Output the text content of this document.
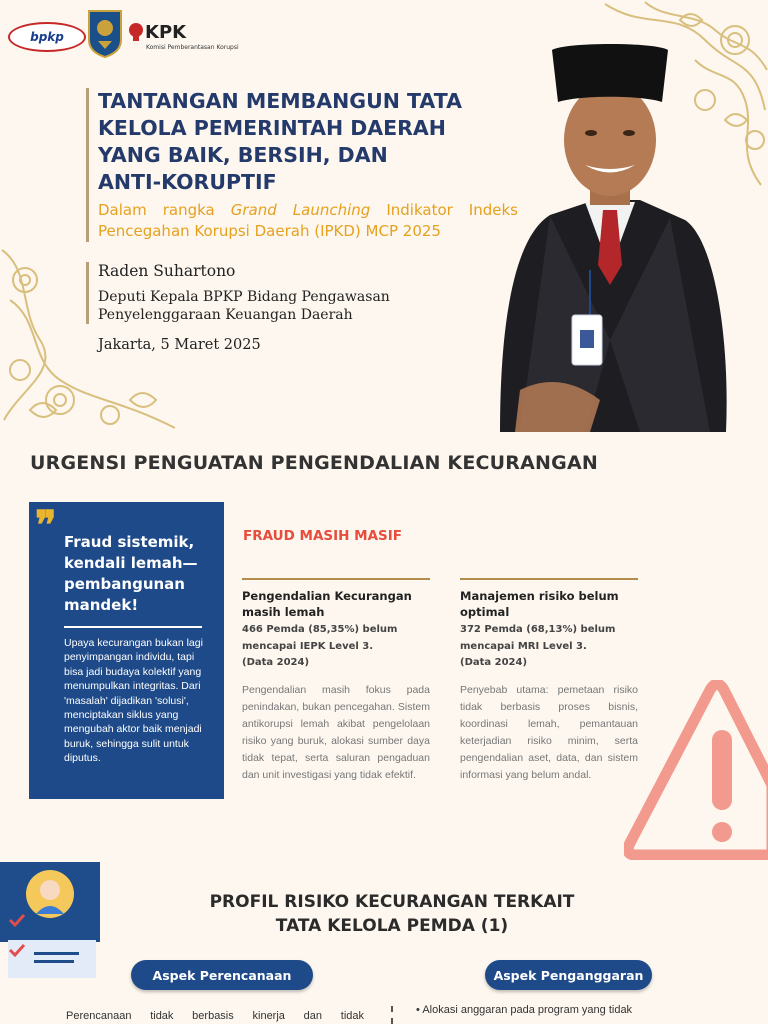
bpkp	KPK
Komisi Pemberantasan Korupsi
TANTANGAN MEMBANGUN TATA
KELOLA PEMERINTAH DAERAH
YANG BAIK, BERSIH, DAN
ANTI-KORUPTIF
Dalam rangka Grand Launching Indikator Indeks Pencegahan Korupsi Daerah (IPKD) MCP 2025
Raden Suhartono
Deputi Kepala BPKP Bidang Pengawasan
Penyelenggaraan Keuangan Daerah
Jakarta, 5 Maret 2025
URGENSI PENGUATAN PENGENDALIAN KECURANGAN
❞ Fraud sistemik, kendali lemah—pembangunan mandek!
Upaya kecurangan bukan lagi penyimpangan individu, tapi bisa jadi budaya kolektif yang menumpulkan integritas. Dari 'masalah' dijadikan 'solusi', menciptakan siklus yang mengubah aktor baik menjadi buruk, sehingga sulit untuk diputus.
FRAUD MASIH MASIF
Pengendalian Kecurangan masih lemah
466 Pemda (85,35%) belum mencapai IEPK Level 3.
(Data 2024)
Pengendalian masih fokus pada penindakan, bukan pencegahan. Sistem antikorupsi lemah akibat pengelolaan risiko yang buruk, alokasi sumber daya tidak tepat, serta saluran pengaduan dan unit investigasi yang tidak efektif.
Manajemen risiko belum optimal
372 Pemda (68,13%) belum mencapai MRI Level 3.
(Data 2024)
Penyebab utama: pemetaan risiko tidak berbasis proses bisnis, koordinasi lemah, pemantauan keterjadian risiko minim, serta pengendalian aset, data, dan sistem informasi yang belum andal.
PROFIL RISIKO KECURANGAN TERKAIT
TATA KELOLA PEMDA (1)
Aspek Perencanaan	Aspek Penganggaran
Perencanaan tidak berbasis kinerja dan tidak	• Alokasi anggaran pada program yang tidak
